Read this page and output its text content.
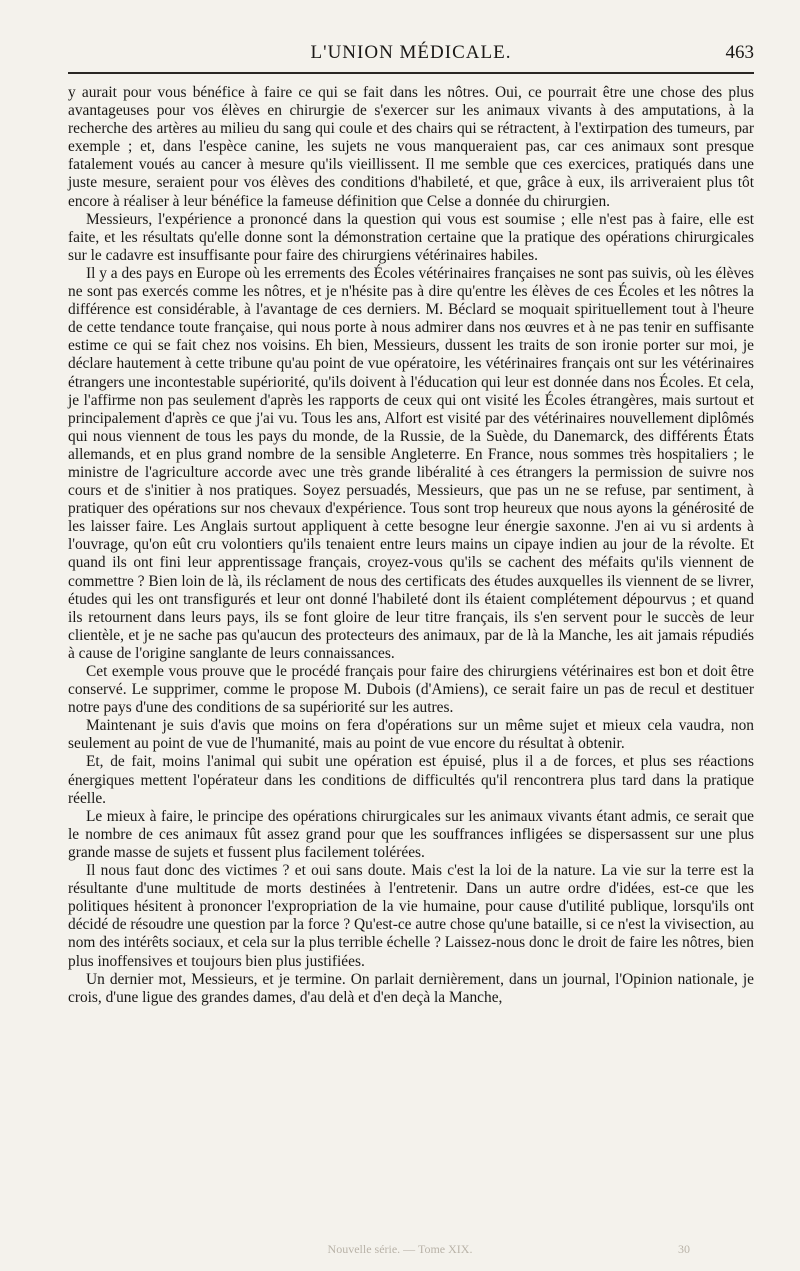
L'UNION MÉDICALE.	463

y aurait pour vous bénéfice à faire ce qui se fait dans les nôtres. Oui, ce pourrait être une chose des plus avantageuses pour vos élèves en chirurgie de s'exercer sur les animaux vivants à des amputations, à la recherche des artères au milieu du sang qui coule et des chairs qui se rétractent, à l'extirpation des tumeurs, par exemple ; et, dans l'espèce canine, les sujets ne vous manqueraient pas, car ces animaux sont presque fatalement voués au cancer à mesure qu'ils vieillissent. Il me semble que ces exercices, pratiqués dans une juste mesure, seraient pour vos élèves des conditions d'habileté, et que, grâce à eux, ils arriveraient plus tôt encore à réaliser à leur bénéfice la fameuse définition que Celse a donnée du chirurgien.

Messieurs, l'expérience a prononcé dans la question qui vous est soumise ; elle n'est pas à faire, elle est faite, et les résultats qu'elle donne sont la démonstration certaine que la pratique des opérations chirurgicales sur le cadavre est insuffisante pour faire des chirurgiens vétérinaires habiles.

Il y a des pays en Europe où les errements des Écoles vétérinaires françaises ne sont pas suivis, où les élèves ne sont pas exercés comme les nôtres, et je n'hésite pas à dire qu'entre les élèves de ces Écoles et les nôtres la différence est considérable, à l'avantage de ces derniers. M. Béclard se moquait spirituellement tout à l'heure de cette tendance toute française, qui nous porte à nous admirer dans nos œuvres et à ne pas tenir en suffisante estime ce qui se fait chez nos voisins. Eh bien, Messieurs, dussent les traits de son ironie porter sur moi, je déclare hautement à cette tribune qu'au point de vue opératoire, les vétérinaires français ont sur les vétérinaires étrangers une incontestable supériorité, qu'ils doivent à l'éducation qui leur est donnée dans nos Écoles. Et cela, je l'affirme non pas seulement d'après les rapports de ceux qui ont visité les Écoles étrangères, mais surtout et principalement d'après ce que j'ai vu. Tous les ans, Alfort est visité par des vétérinaires nouvellement diplômés qui nous viennent de tous les pays du monde, de la Russie, de la Suède, du Danemarck, des différents États allemands, et en plus grand nombre de la sensible Angleterre. En France, nous sommes très hospitaliers ; le ministre de l'agriculture accorde avec une très grande libéralité à ces étrangers la permission de suivre nos cours et de s'initier à nos pratiques. Soyez persuadés, Messieurs, que pas un ne se refuse, par sentiment, à pratiquer des opérations sur nos chevaux d'expérience. Tous sont trop heureux que nous ayons la générosité de les laisser faire. Les Anglais surtout appliquent à cette besogne leur énergie saxonne. J'en ai vu si ardents à l'ouvrage, qu'on eût cru volontiers qu'ils tenaient entre leurs mains un cipaye indien au jour de la révolte. Et quand ils ont fini leur apprentissage français, croyez-vous qu'ils se cachent des méfaits qu'ils viennent de commettre ? Bien loin de là, ils réclament de nous des certificats des études auxquelles ils viennent de se livrer, études qui les ont transfigurés et leur ont donné l'habileté dont ils étaient complétement dépourvus ; et quand ils retournent dans leurs pays, ils se font gloire de leur titre français, ils s'en servent pour le succès de leur clientèle, et je ne sache pas qu'aucun des protecteurs des animaux, par de là la Manche, les ait jamais répudiés à cause de l'origine sanglante de leurs connaissances.

Cet exemple vous prouve que le procédé français pour faire des chirurgiens vétérinaires est bon et doit être conservé. Le supprimer, comme le propose M. Dubois (d'Amiens), ce serait faire un pas de recul et destituer notre pays d'une des conditions de sa supériorité sur les autres.

Maintenant je suis d'avis que moins on fera d'opérations sur un même sujet et mieux cela vaudra, non seulement au point de vue de l'humanité, mais au point de vue encore du résultat à obtenir.

Et, de fait, moins l'animal qui subit une opération est épuisé, plus il a de forces, et plus ses réactions énergiques mettent l'opérateur dans les conditions de difficultés qu'il rencontrera plus tard dans la pratique réelle.

Le mieux à faire, le principe des opérations chirurgicales sur les animaux vivants étant admis, ce serait que le nombre de ces animaux fût assez grand pour que les souffrances infligées se dispersassent sur une plus grande masse de sujets et fussent plus facilement tolérées.

Il nous faut donc des victimes ? et oui sans doute. Mais c'est la loi de la nature. La vie sur la terre est la résultante d'une multitude de morts destinées à l'entretenir. Dans un autre ordre d'idées, est-ce que les politiques hésitent à prononcer l'expropriation de la vie humaine, pour cause d'utilité publique, lorsqu'ils ont décidé de résoudre une question par la force ? Qu'est-ce autre chose qu'une bataille, si ce n'est la vivisection, au nom des intérêts sociaux, et cela sur la plus terrible échelle ? Laissez-nous donc le droit de faire les nôtres, bien plus inoffensives et toujours bien plus justifiées.

Un dernier mot, Messieurs, et je termine. On parlait dernièrement, dans un journal, l'Opinion nationale, je crois, d'une ligue des grandes dames, d'au delà et d'en deçà la Manche,

Nouvelle série. — Tome XIX.	30
